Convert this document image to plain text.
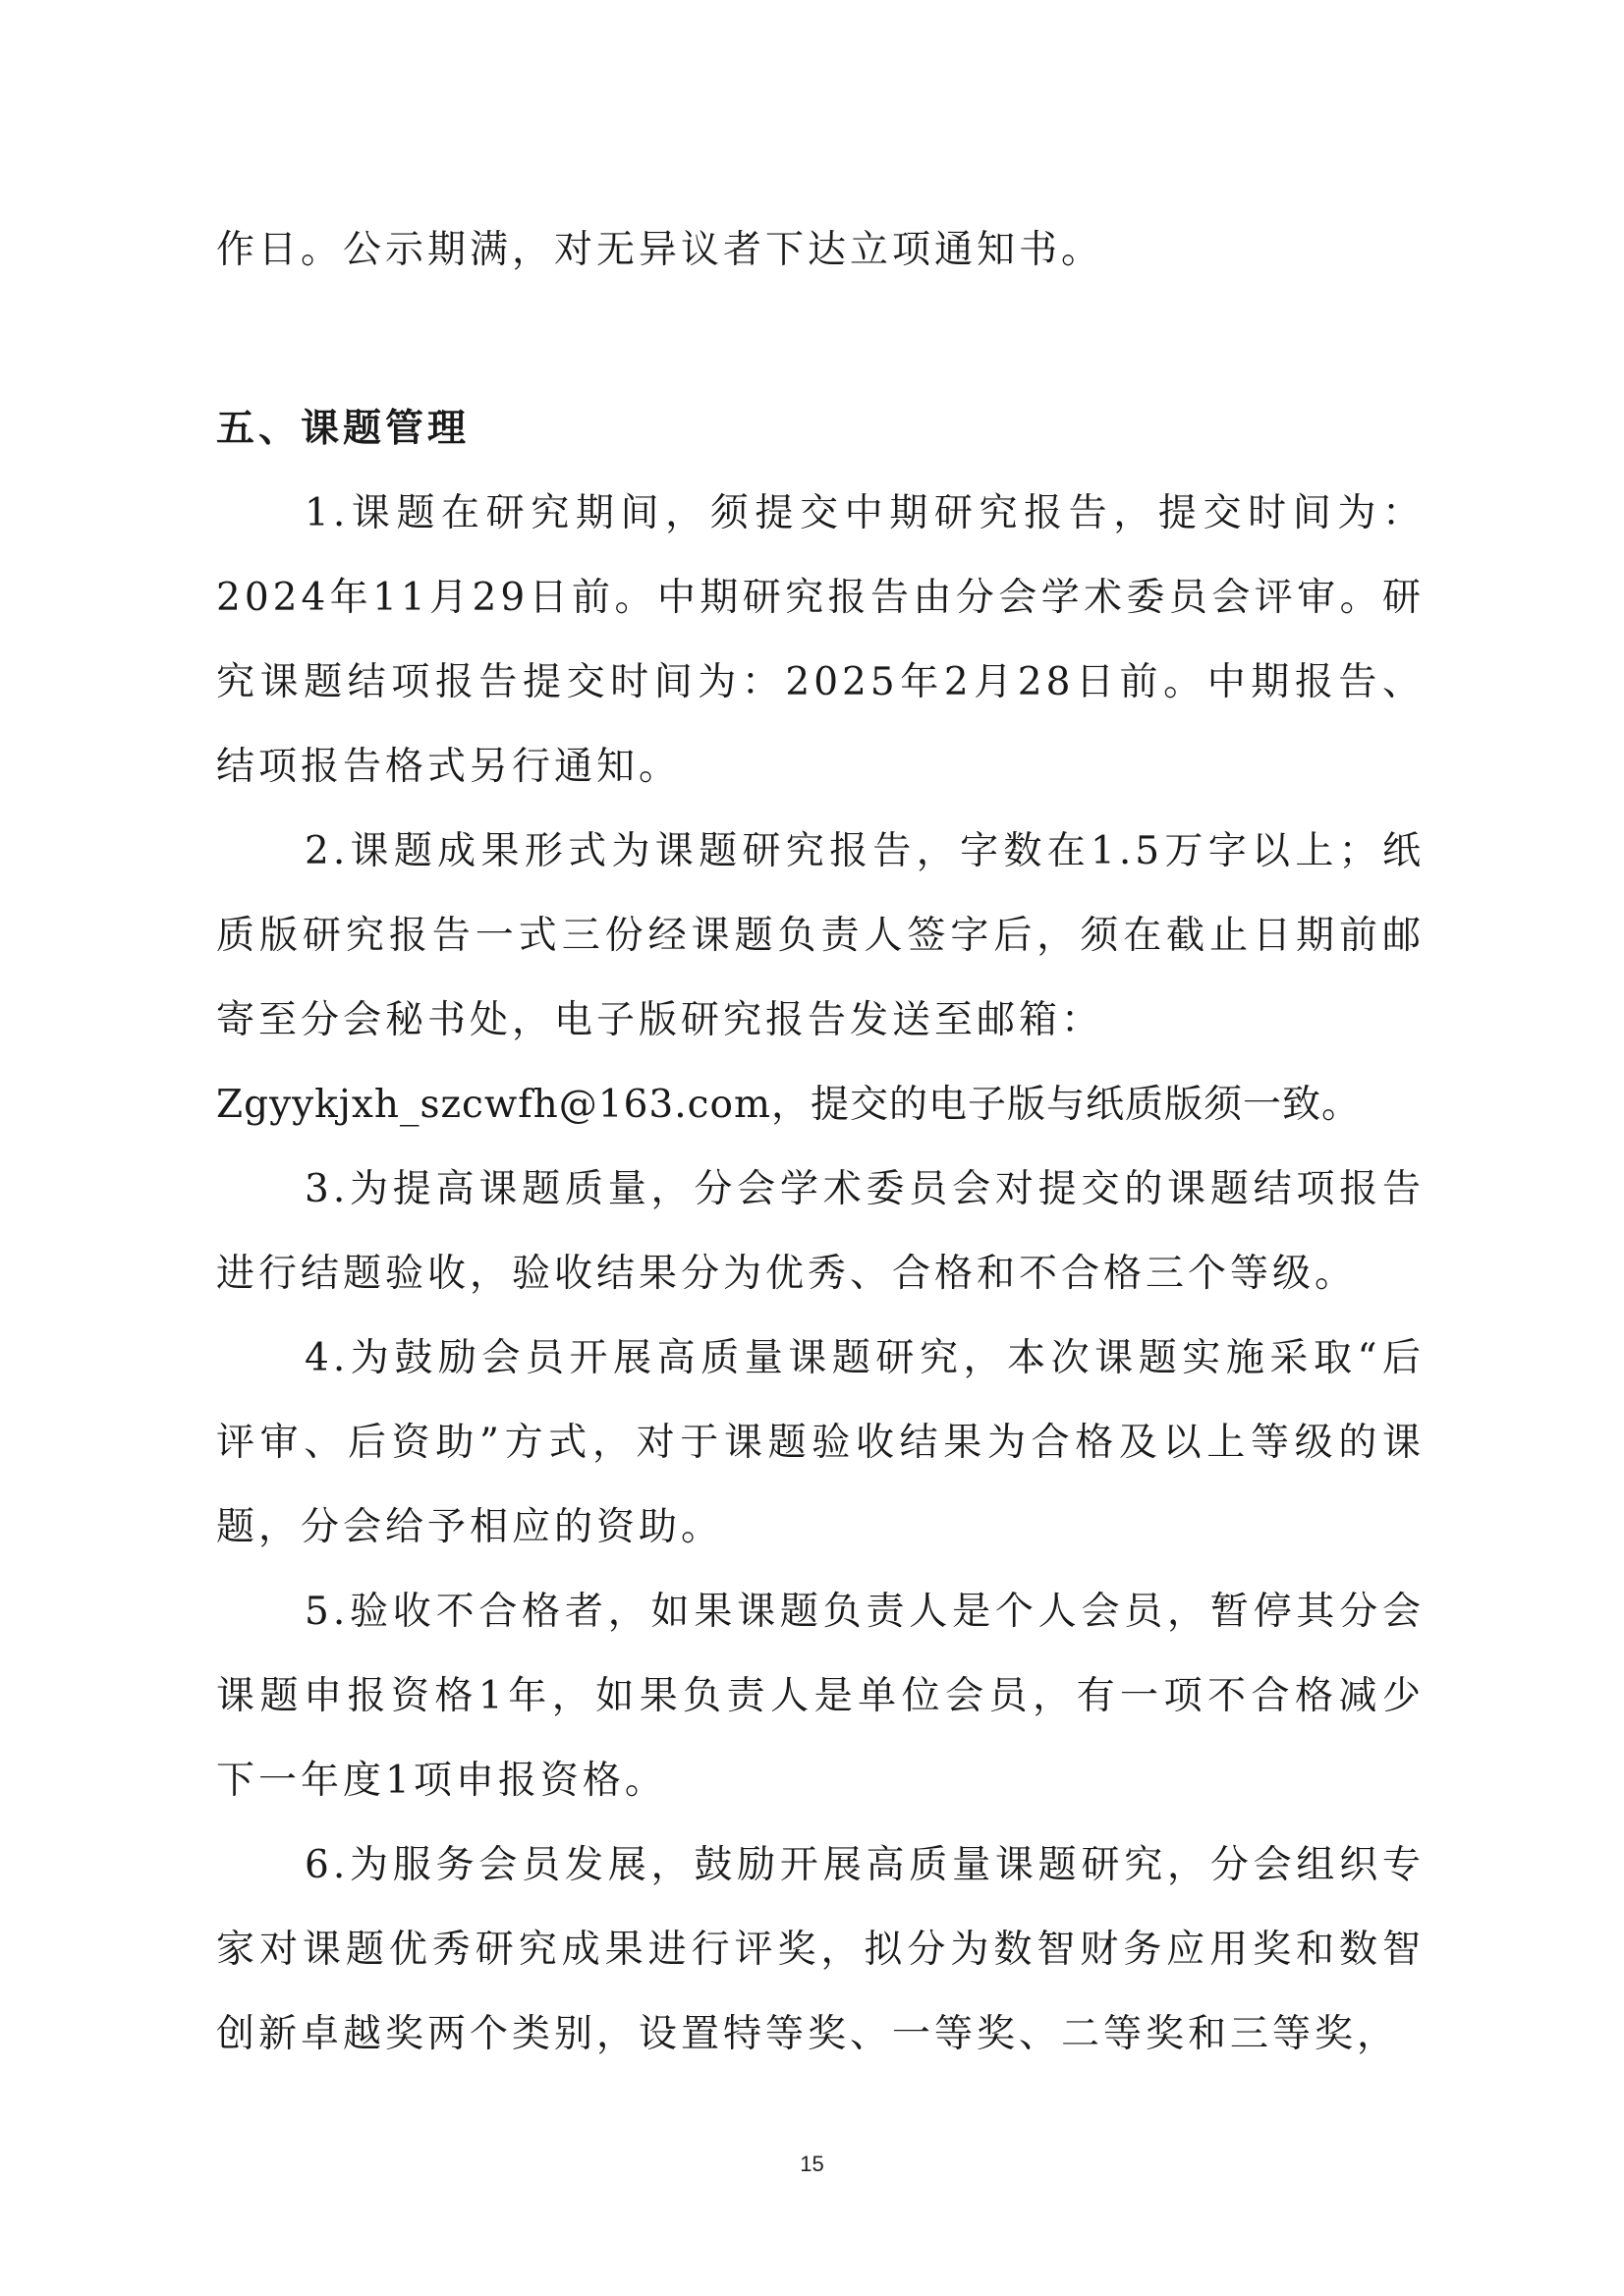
作日。公示期满，对无异议者下达立项通知书。

五、课题管理

1.课题在研究期间，须提交中期研究报告，提交时间为：2024年11月29日前。中期研究报告由分会学术委员会评审。研究课题结项报告提交时间为：2025年2月28日前。中期报告、结项报告格式另行通知。

2.课题成果形式为课题研究报告，字数在1.5万字以上；纸质版研究报告一式三份经课题负责人签字后，须在截止日期前邮寄至分会秘书处，电子版研究报告发送至邮箱：

Zgyykjxh_szcwfh@163.com，提交的电子版与纸质版须一致。

3.为提高课题质量，分会学术委员会对提交的课题结项报告进行结题验收，验收结果分为优秀、合格和不合格三个等级。

4.为鼓励会员开展高质量课题研究，本次课题实施采取“后评审、后资助”方式，对于课题验收结果为合格及以上等级的课题，分会给予相应的资助。

5.验收不合格者，如果课题负责人是个人会员，暂停其分会课题申报资格1年，如果负责人是单位会员，有一项不合格减少下一年度1项申报资格。

6.为服务会员发展，鼓励开展高质量课题研究，分会组织专家对课题优秀研究成果进行评奖，拟分为数智财务应用奖和数智创新卓越奖两个类别，设置特等奖、一等奖、二等奖和三等奖，

15
